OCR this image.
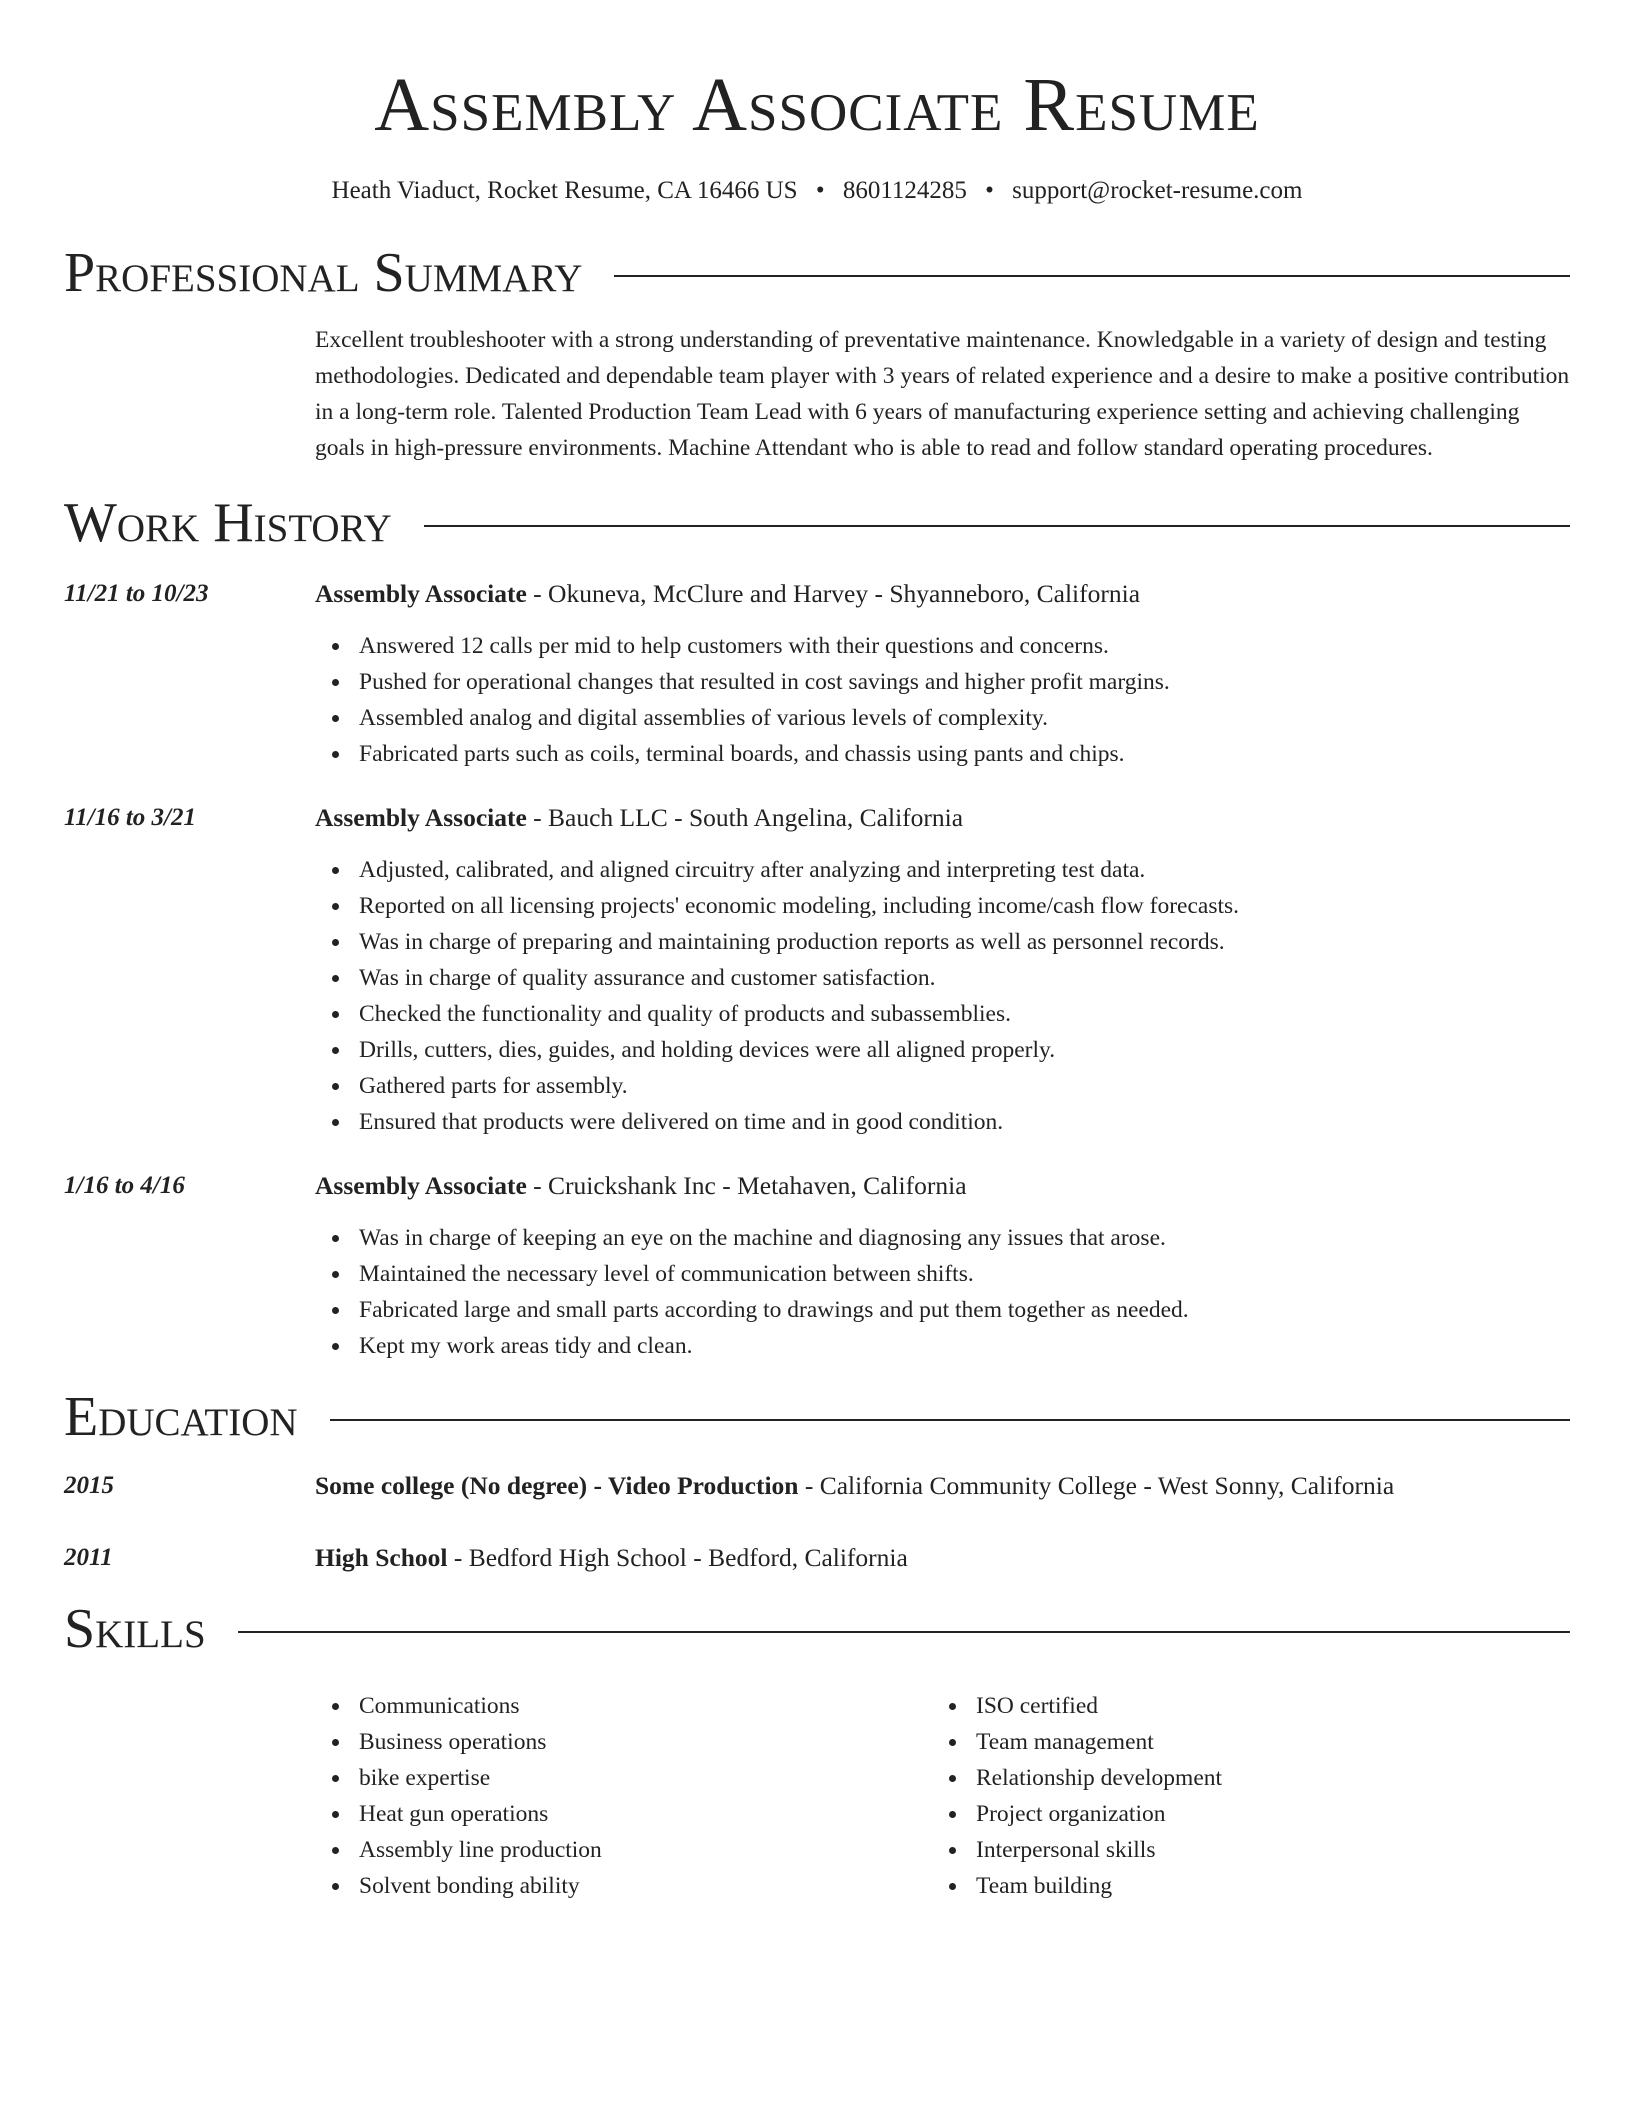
Assembly Associate Resume
Heath Viaduct, Rocket Resume, CA 16466 US • 8601124285 • support@rocket-resume.com
Professional Summary

Excellent troubleshooter with a strong understanding of preventative maintenance. Knowledgable in a variety of design and testing methodologies. Dedicated and dependable team player with 3 years of related experience and a desire to make a positive contribution in a long-term role. Talented Production Team Lead with 6 years of manufacturing experience setting and achieving challenging goals in high-pressure environments. Machine Attendant who is able to read and follow standard operating procedures.

Work History
11/21 to 10/23	Assembly Associate - Okuneva, McClure and Harvey - Shyanneboro, California
Answered 12 calls per mid to help customers with their questions and concerns.
Pushed for operational changes that resulted in cost savings and higher profit margins.
Assembled analog and digital assemblies of various levels of complexity.
Fabricated parts such as coils, terminal boards, and chassis using pants and chips.
11/16 to 3/21	Assembly Associate - Bauch LLC - South Angelina, California
Adjusted, calibrated, and aligned circuitry after analyzing and interpreting test data.
Reported on all licensing projects' economic modeling, including income/cash flow forecasts.
Was in charge of preparing and maintaining production reports as well as personnel records.
Was in charge of quality assurance and customer satisfaction.
Checked the functionality and quality of products and subassemblies.
Drills, cutters, dies, guides, and holding devices were all aligned properly.
Gathered parts for assembly.
Ensured that products were delivered on time and in good condition.
1/16 to 4/16	Assembly Associate - Cruickshank Inc - Metahaven, California
Was in charge of keeping an eye on the machine and diagnosing any issues that arose.
Maintained the necessary level of communication between shifts.
Fabricated large and small parts according to drawings and put them together as needed.
Kept my work areas tidy and clean.
Education
2015	Some college (No degree) - Video Production - California Community College - West Sonny, California
2011	High School - Bedford High School - Bedford, California
Skills
Communications
Business operations
bike expertise
Heat gun operations
Assembly line production
Solvent bonding ability
ISO certified
Team management
Relationship development
Project organization
Interpersonal skills
Team building
